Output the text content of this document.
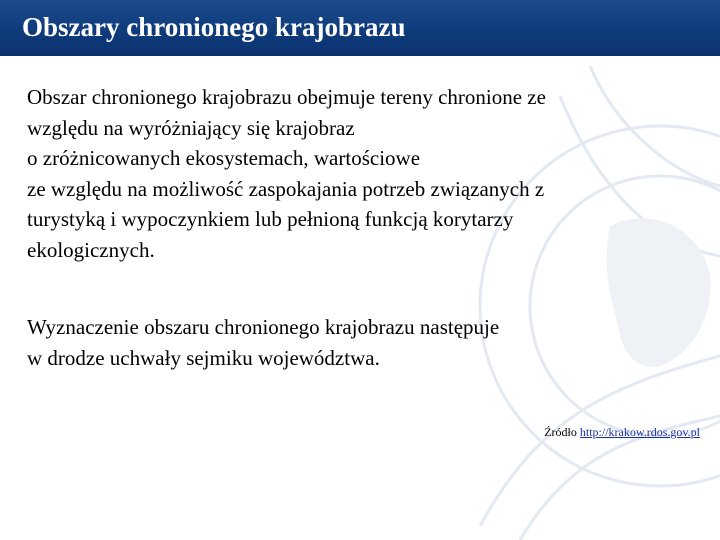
Obszary chronionego krajobrazu

Obszar chronionego krajobrazu obejmuje tereny chronione ze
względu na wyróżniający się krajobraz
o zróżnicowanych ekosystemach, wartościowe
ze względu na możliwość zaspokajania potrzeb związanych z
turystyką i wypoczynkiem lub pełnioną funkcją korytarzy
ekologicznych.

Wyznaczenie obszaru chronionego krajobrazu następuje
w drodze uchwały sejmiku województwa.

Źródło http://krakow.rdos.gov.pl
